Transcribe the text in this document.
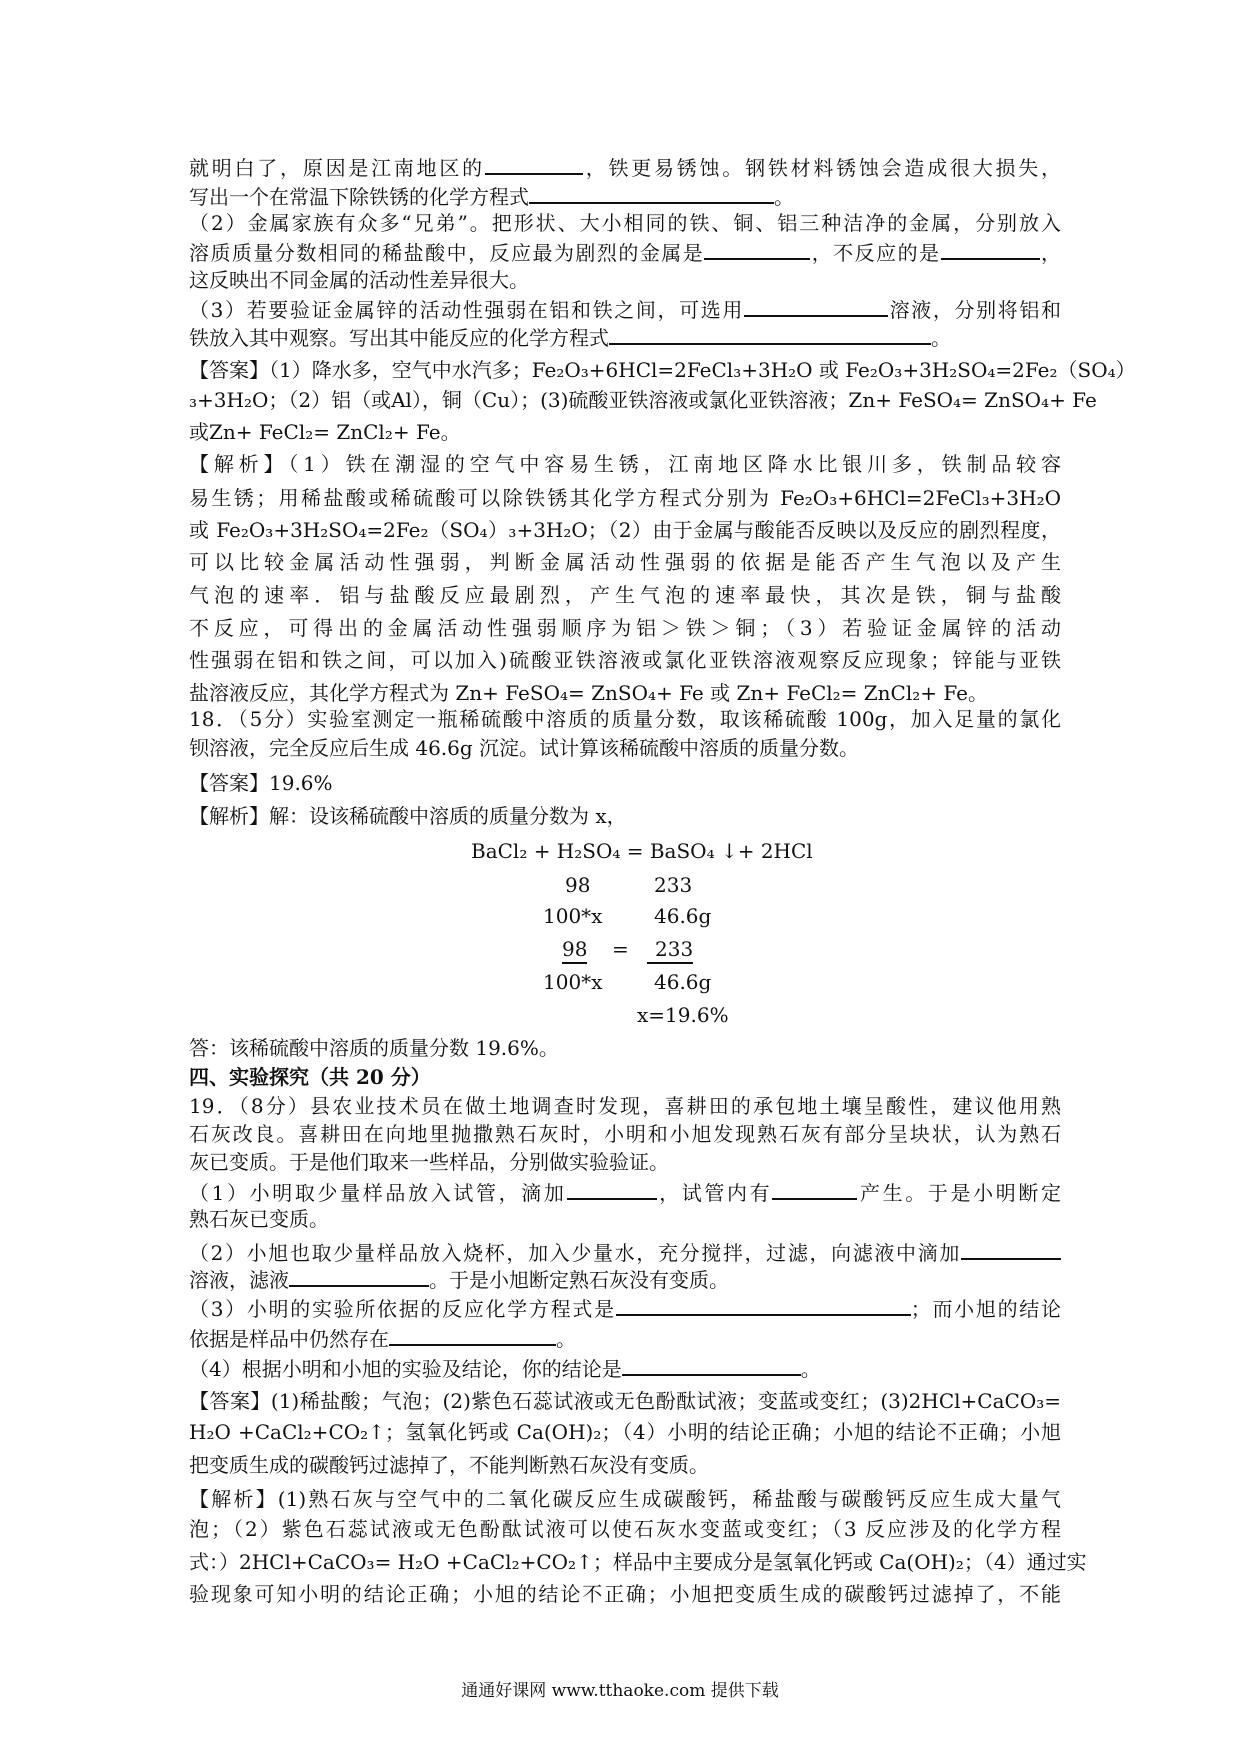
就明白了，原因是江南地区的	，铁更易锈蚀。钢铁材料锈蚀会造成很大损失，
写出一个在常温下除铁锈的化学方程式	。
（2）金属家族有众多“兄弟”。把形状、大小相同的铁、铜、铝三种洁净的金属，分别放入
溶质质量分数相同的稀盐酸中，反应最为剧烈的金属是	，不反应的是	，
这反映出不同金属的活动性差异很大。
（3）若要验证金属锌的活动性强弱在铝和铁之间，可选用	溶液，分别将铝和
铁放入其中观察。写出其中能反应的化学方程式	。
【答案】（1）降水多，空气中水汽多；Fe₂O₃+6HCl=2FeCl₃+3H₂O 或 Fe₂O₃+3H₂SO₄=2Fe₂（SO₄）
₃+3H₂O；（2）铝（或Al），铜（Cu）；(3)硫酸亚铁溶液或氯化亚铁溶液；Zn+ FeSO₄= ZnSO₄+ Fe
或Zn+ FeCl₂= ZnCl₂+ Fe。
【解析】（1）铁在潮湿的空气中容易生锈，江南地区降水比银川多，铁制品较容
易生锈；用稀盐酸或稀硫酸可以除铁锈其化学方程式分别为 Fe₂O₃+6HCl=2FeCl₃+3H₂O
或 Fe₂O₃+3H₂SO₄=2Fe₂（SO₄）₃+3H₂O；（2）由于金属与酸能否反映以及反应的剧烈程度，
可以比较金属活动性强弱，判断金属活动性强弱的依据是能否产生气泡以及产生
气泡的速率．铝与盐酸反应最剧烈，产生气泡的速率最快，其次是铁，铜与盐酸
不反应，可得出的金属活动性强弱顺序为铝＞铁＞铜；（3）若验证金属锌的活动
性强弱在铝和铁之间，可以加入)硫酸亚铁溶液或氯化亚铁溶液观察反应现象；锌能与亚铁
盐溶液反应，其化学方程式为 Zn+ FeSO₄= ZnSO₄+ Fe 或 Zn+ FeCl₂= ZnCl₂+ Fe。
18．（5分）实验室测定一瓶稀硫酸中溶质的质量分数，取该稀硫酸 100g，加入足量的氯化
钡溶液，完全反应后生成 46.6g 沉淀。试计算该稀硫酸中溶质的质量分数。
【答案】19.6%
【解析】解：设该稀硫酸中溶质的质量分数为 x，
BaCl₂ + H₂SO₄ = BaSO₄ ↓+ 2HCl
98	233
100*x	46.6g
98 =	233
100*x	46.6g
x=19.6%
答：该稀硫酸中溶质的质量分数 19.6%。
四、实验探究（共 20 分）
19．（8分）县农业技术员在做土地调查时发现，喜耕田的承包地土壤呈酸性，建议他用熟
石灰改良。喜耕田在向地里抛撒熟石灰时，小明和小旭发现熟石灰有部分呈块状，认为熟石
灰已变质。于是他们取来一些样品，分别做实验验证。
（1）小明取少量样品放入试管，滴加	，试管内有	产生。于是小明断定
熟石灰已变质。
（2）小旭也取少量样品放入烧杯，加入少量水，充分搅拌，过滤，向滤液中滴加
溶液，滤液	。于是小旭断定熟石灰没有变质。
（3）小明的实验所依据的反应化学方程式是	；而小旭的结论
依据是样品中仍然存在	。
（4）根据小明和小旭的实验及结论，你的结论是	。
【答案】(1)稀盐酸；气泡；(2)紫色石蕊试液或无色酚酞试液；变蓝或变红；(3)2HCl+CaCO₃=
H₂O +CaCl₂+CO₂↑；氢氧化钙或 Ca(OH)₂；（4）小明的结论正确；小旭的结论不正确；小旭
把变质生成的碳酸钙过滤掉了，不能判断熟石灰没有变质。
【解析】(1)熟石灰与空气中的二氧化碳反应生成碳酸钙，稀盐酸与碳酸钙反应生成大量气
泡；（2）紫色石蕊试液或无色酚酞试液可以使石灰水变蓝或变红；（3 反应涉及的化学方程
式：）2HCl+CaCO₃= H₂O +CaCl₂+CO₂↑；样品中主要成分是氢氧化钙或 Ca(OH)₂；（4）通过实
验现象可知小明的结论正确；小旭的结论不正确；小旭把变质生成的碳酸钙过滤掉了，不能
通通好课网 www.tthaoke.com 提供下载
